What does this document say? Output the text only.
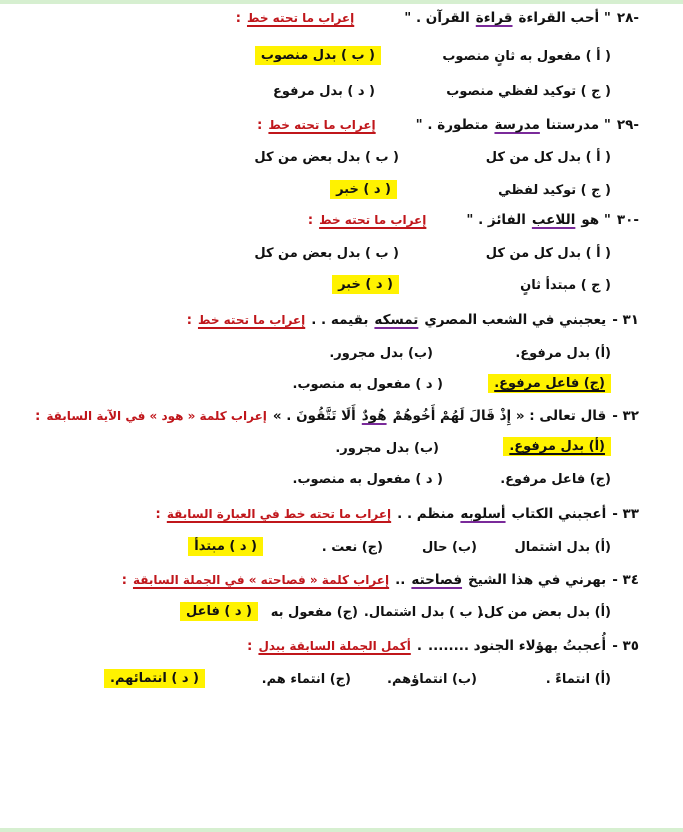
-٢٨
" أحب القراءة
قراءة
القرآن . "
إعراب ما تحته خط
:
( أ ) مفعول به ثانٍ منصوب
( ب ) بدل منصوب
( ج ) توكيد لفظي منصوب
( د ) بدل مرفوع
-٢٩
" مدرستنا
مدرسة
متطورة . "
إعراب ما تحته خط
:
( أ ) بدل كل من كل
( ب ) بدل بعض من كل
( ج ) توكيد لفظي
( د ) خبر
-٣٠
" هو
اللاعب
الفائز . "
إعراب ما تحته خط
:
( أ ) بدل كل من كل
( ب ) بدل بعض من كل
( ج ) مبتدأ ثانٍ
( د ) خبر
٣١ -
يعجبني في الشعب المصري
تمسكه
بقيمه . .
إعراب ما تحته خط
:
(أ) بدل مرفوع.
(ب) بدل مجرور.
(ج) فاعل مرفوع.
( د ) مفعول به منصوب.
٣٢ -
قال تعالى : « إِذْ قَالَ لَهُمْ أَخُوهُمْ
هُودٌ
أَلَا تَتَّقُونَ . »
إعراب كلمة « هود » في الآية السابقة
:
(أ) بدل مرفوع.
(ب) بدل مجرور.
(ج) فاعل مرفوع.
( د ) مفعول به منصوب.
٣٣ -
أعجبني الكتاب
أسلوبه
منظم . .
إعراب ما تحته خط في العبارة السابقة
:
(أ) بدل اشتمال
(ب) حال
(ج) نعت .
( د ) مبتدأ
٣٤ -
بهرني في هذا الشيخ
فصاحته
..
إعراب كلمة « فصاحته » في الجملة السابقة
:
(أ) بدل بعض من كل.
( ب ) بدل اشتمال.
(ج) مفعول به
( د ) فاعل
٣٥ -
أُعجبتُ بهؤلاء الجنود ........
.
أكمل الجملة السابقة ببدل
:
(أ) انتماءً .
(ب) انتماؤهم.
(ج) انتماء هم.
( د ) انتمائهم.
